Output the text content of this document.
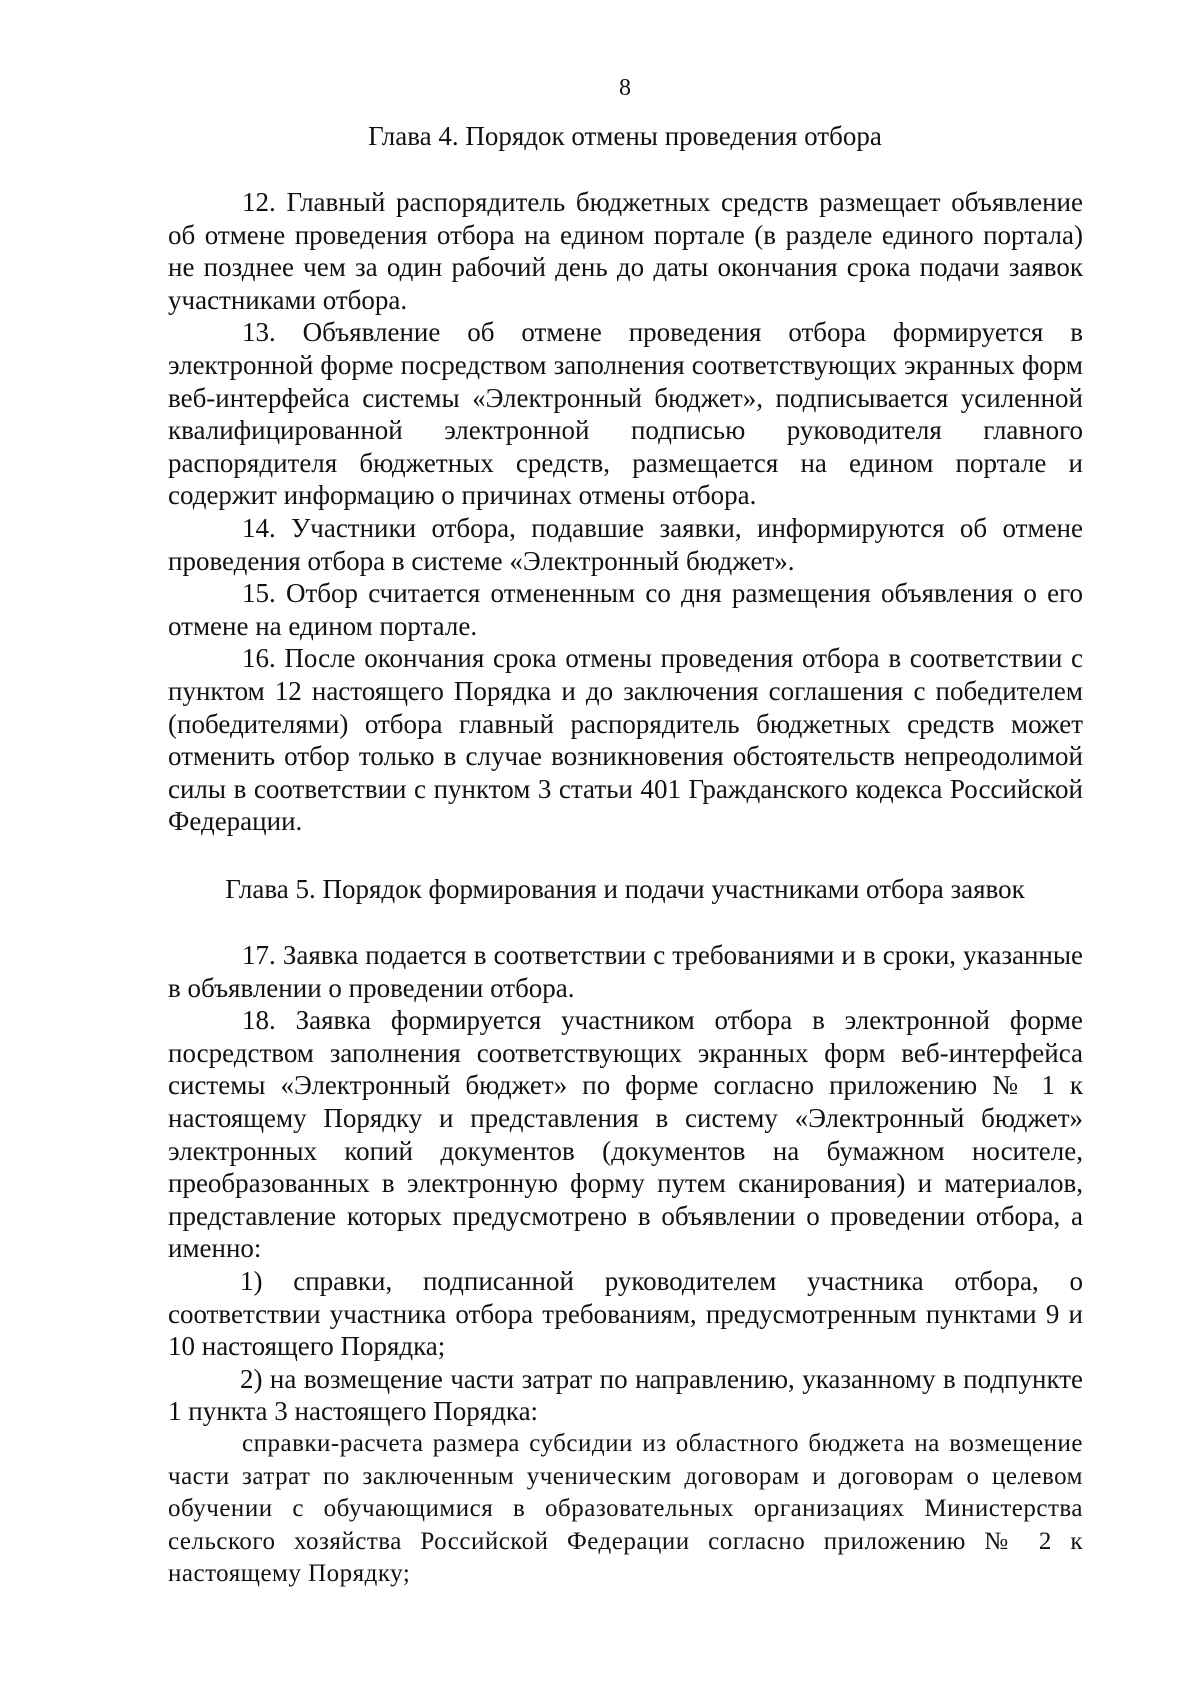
8
Глава 4. Порядок отмены проведения отбора

12. Главный распорядитель бюджетных средств размещает объявление об отмене проведения отбора на едином портале (в разделе единого портала) не позднее чем за один рабочий день до даты окончания срока подачи заявок участниками отбора.

13. Объявление об отмене проведения отбора формируется в электронной форме посредством заполнения соответствующих экранных форм веб-интерфейса системы «Электронный бюджет», подписывается усиленной квалифицированной электронной подписью руководителя главного распорядителя бюджетных средств, размещается на едином портале и содержит информацию о причинах отмены отбора.

14. Участники отбора, подавшие заявки, информируются об отмене проведения отбора в системе «Электронный бюджет».

15. Отбор считается отмененным со дня размещения объявления о его отмене на едином портале.

16. После окончания срока отмены проведения отбора в соответствии с пунктом 12 настоящего Порядка и до заключения соглашения с победителем (победителями) отбора главный распорядитель бюджетных средств может отменить отбор только в случае возникновения обстоятельств непреодолимой силы в соответствии с пунктом 3 статьи 401 Гражданского кодекса Российской Федерации.

Глава 5. Порядок формирования и подачи участниками отбора заявок

17. Заявка подается в соответствии с требованиями и в сроки, указанные в объявлении о проведении отбора.

18. Заявка формируется участником отбора в электронной форме посредством заполнения соответствующих экранных форм веб-интерфейса системы «Электронный бюджет» по форме согласно приложению № 1 к настоящему Порядку и представления в систему «Электронный бюджет» электронных копий документов (документов на бумажном носителе, преобразованных в электронную форму путем сканирования) и материалов, представление которых предусмотрено в объявлении о проведении отбора, а именно:

1) справки, подписанной руководителем участника отбора, о соответствии участника отбора требованиям, предусмотренным пунктами 9 и 10 настоящего Порядка;

2) на возмещение части затрат по направлению, указанному в подпункте 1 пункта 3 настоящего Порядка:

справки-расчета размера субсидии из областного бюджета на возмещение части затрат по заключенным ученическим договорам и договорам о целевом обучении с обучающимися в образовательных организациях Министерства сельского хозяйства Российской Федерации согласно приложению № 2 к настоящему Порядку;
